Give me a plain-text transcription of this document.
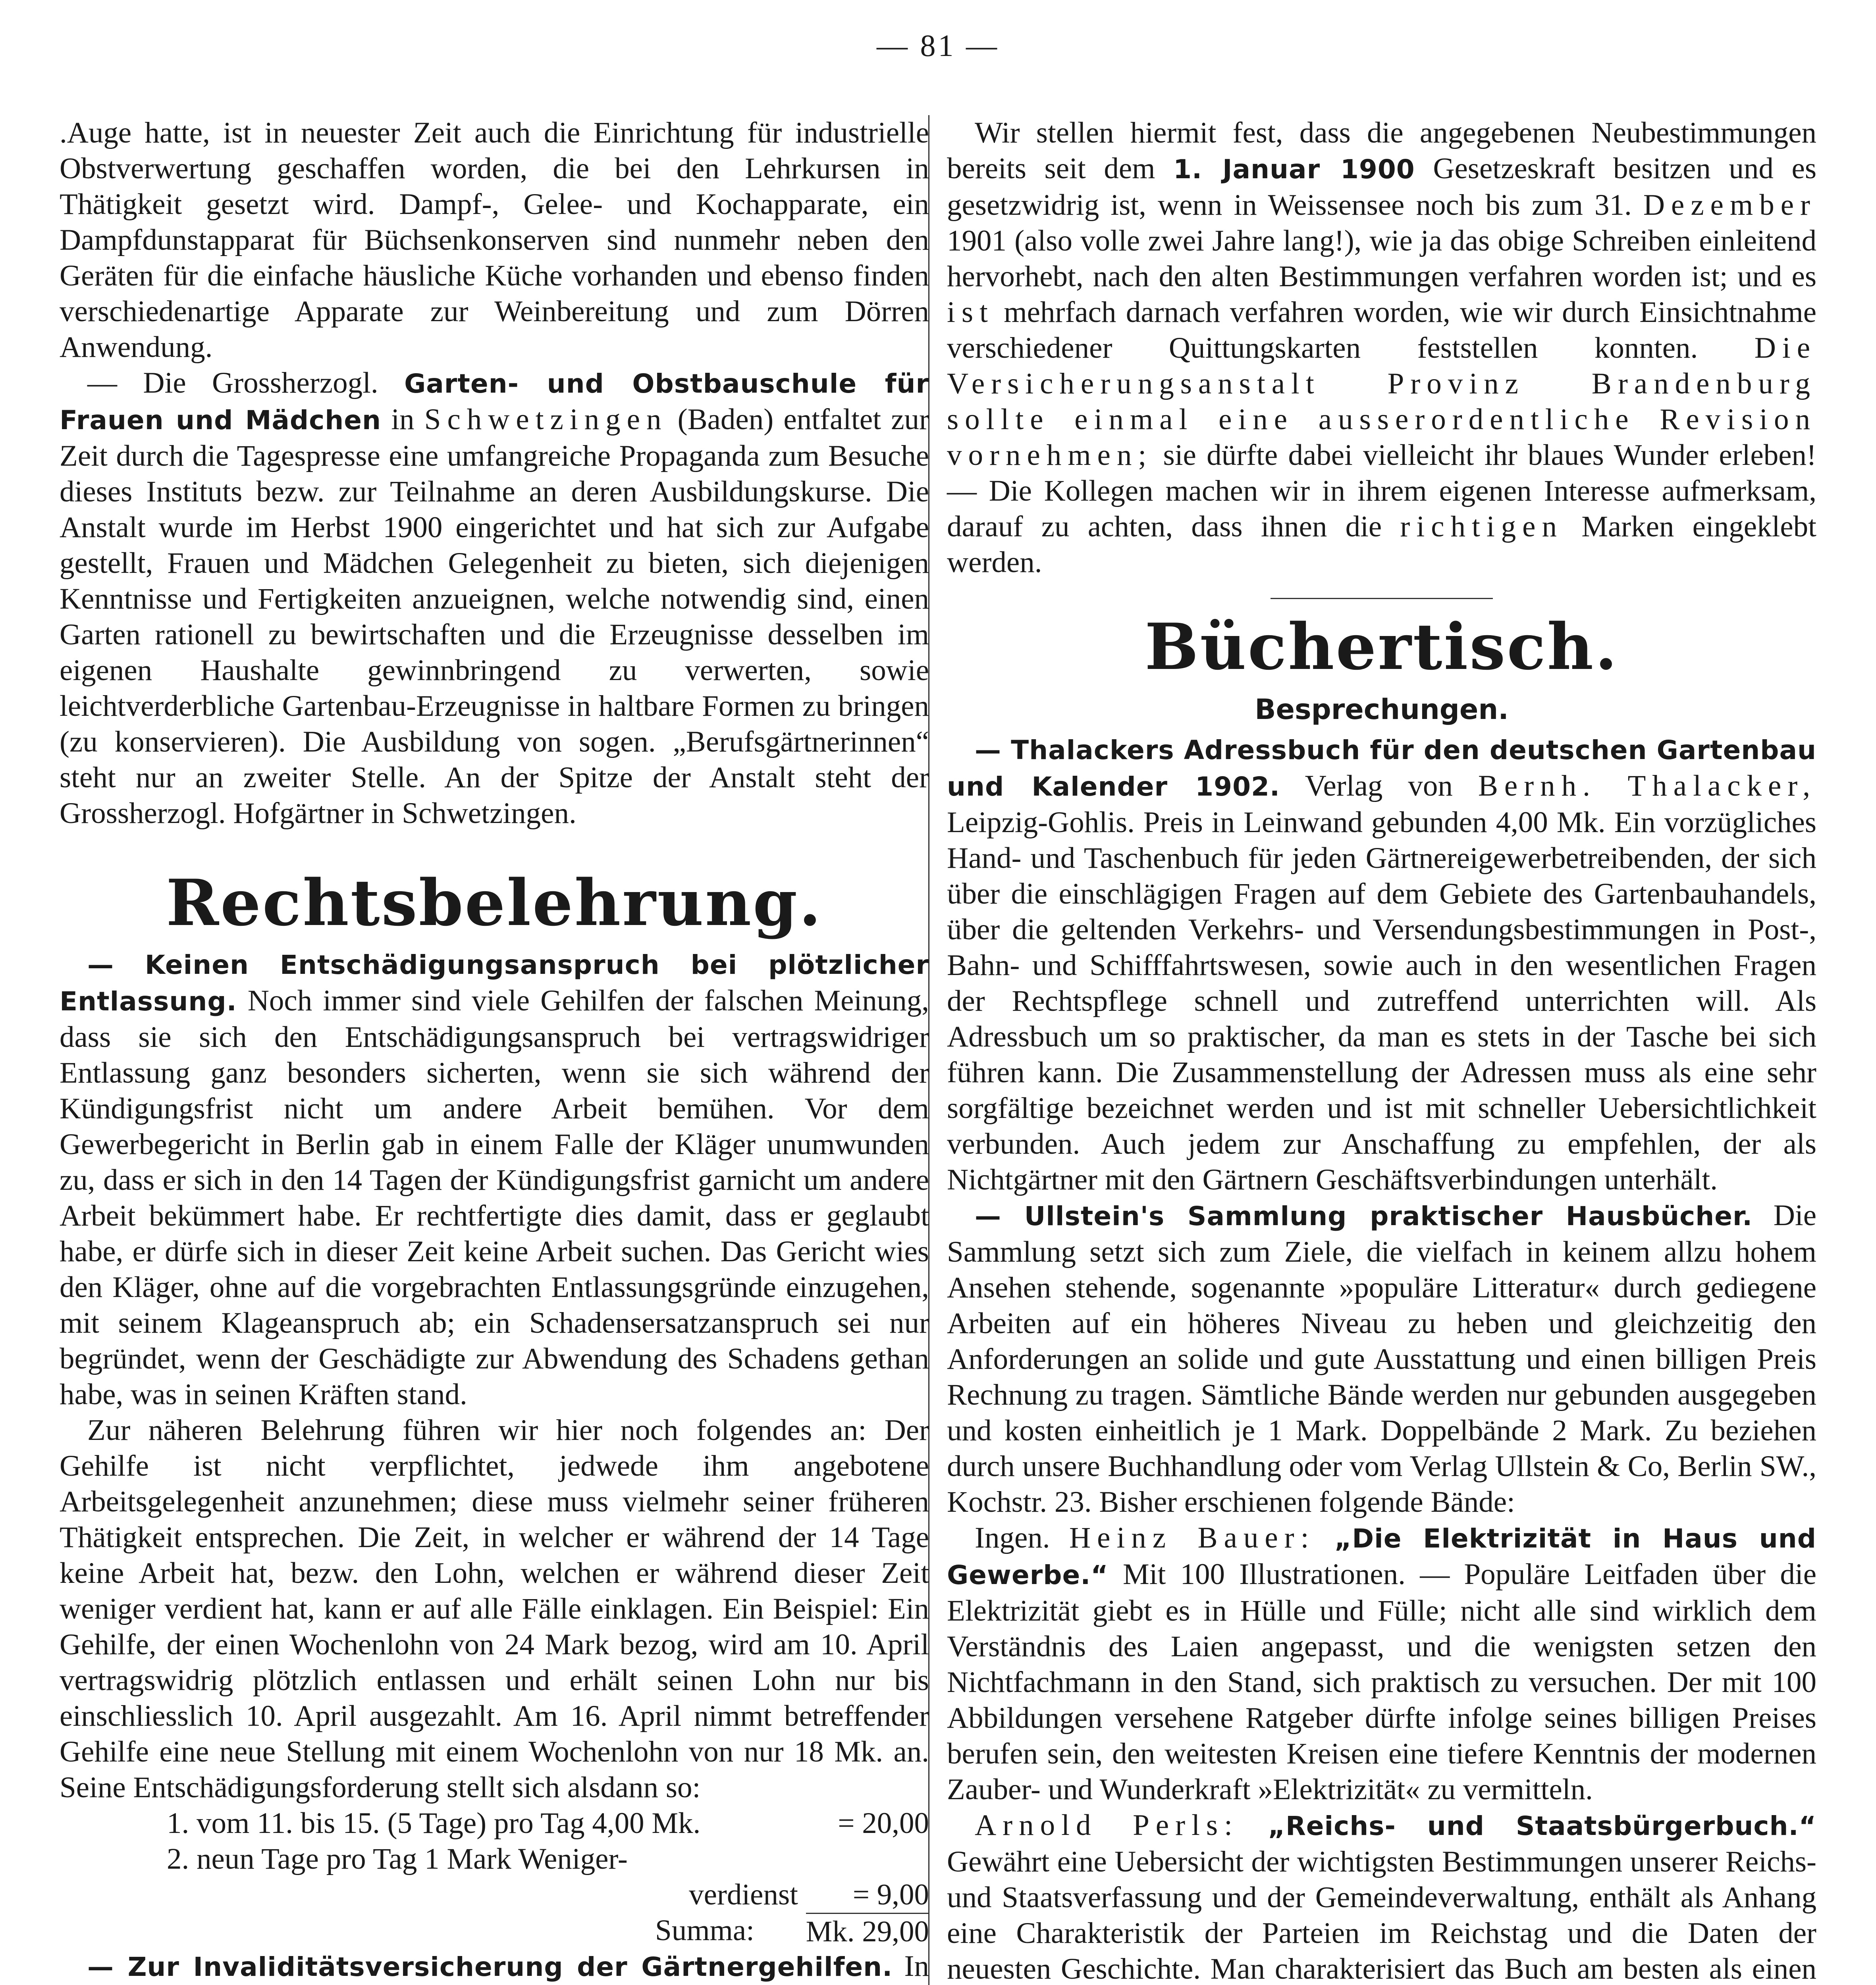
— 81 —

.Auge hatte, ist in neuester Zeit auch die Einrichtung für industrielle Obstverwertung geschaffen worden, die bei den Lehrkursen in Thätigkeit gesetzt wird. Dampf-, Gelee- und Kochapparate, ein Dampfdunstapparat für Büchsenkonserven sind nunmehr neben den Geräten für die einfache häusliche Küche vorhanden und ebenso finden verschiedenartige Apparate zur Weinbereitung und zum Dörren Anwendung.

— Die Grossherzogl. Garten- und Obstbauschule für Frauen und Mädchen in Schwetzingen (Baden) entfaltet zur Zeit durch die Tagespresse eine umfangreiche Propaganda zum Besuche dieses Instituts bezw. zur Teilnahme an deren Ausbildungskurse. Die Anstalt wurde im Herbst 1900 eingerichtet und hat sich zur Aufgabe gestellt, Frauen und Mädchen Gelegenheit zu bieten, sich diejenigen Kenntnisse und Fertigkeiten anzueignen, welche notwendig sind, einen Garten rationell zu bewirtschaften und die Erzeugnisse desselben im eigenen Haushalte gewinnbringend zu verwerten, sowie leichtverderbliche Gartenbau-Erzeugnisse in haltbare Formen zu bringen (zu konservieren). Die Ausbildung von sogen. „Berufsgärtnerinnen“ steht nur an zweiter Stelle. An der Spitze der Anstalt steht der Grossherzogl. Hofgärtner in Schwetzingen.

Rechtsbelehrung.

— Keinen Entschädigungsanspruch bei plötzlicher Entlassung. Noch immer sind viele Gehilfen der falschen Meinung, dass sie sich den Entschädigungsanspruch bei vertragswidriger Entlassung ganz besonders sicherten, wenn sie sich während der Kündigungsfrist nicht um andere Arbeit bemühen. Vor dem Gewerbegericht in Berlin gab in einem Falle der Kläger unumwunden zu, dass er sich in den 14 Tagen der Kündigungsfrist garnicht um andere Arbeit bekümmert habe. Er rechtfertigte dies damit, dass er geglaubt habe, er dürfe sich in dieser Zeit keine Arbeit suchen. Das Gericht wies den Kläger, ohne auf die vorgebrachten Entlassungsgründe einzugehen, mit seinem Klageanspruch ab; ein Schadensersatzanspruch sei nur begründet, wenn der Geschädigte zur Abwendung des Schadens gethan habe, was in seinen Kräften stand.

Zur näheren Belehrung führen wir hier noch folgendes an: Der Gehilfe ist nicht verpflichtet, jedwede ihm angebotene Arbeitsgelegenheit anzunehmen; diese muss vielmehr seiner früheren Thätigkeit entsprechen. Die Zeit, in welcher er während der 14 Tage keine Arbeit hat, bezw. den Lohn, welchen er während dieser Zeit weniger verdient hat, kann er auf alle Fälle einklagen. Ein Beispiel: Ein Gehilfe, der einen Wochenlohn von 24 Mark bezog, wird am 10. April vertragswidrig plötzlich entlassen und erhält seinen Lohn nur bis einschliesslich 10. April ausgezahlt. Am 16. April nimmt betreffender Gehilfe eine neue Stellung mit einem Wochenlohn von nur 18 Mk. an. Seine Entschädigungsforderung stellt sich alsdann so:

1. vom 11. bis 15. (5 Tage) pro Tag 4,00 Mk.	= 20,00
2. neun Tage pro Tag 1 Mark Weniger-
verdienst = 9,00
Summa: Mk. 29,00

— Zur Invaliditätsversicherung der Gärtnergehilfen. In

Wir stellen hiermit fest, dass die angegebenen Neubestimmungen bereits seit dem 1. Januar 1900 Gesetzeskraft besitzen und es gesetzwidrig ist, wenn in Weissensee noch bis zum 31. Dezember 1901 (also volle zwei Jahre lang!), wie ja das obige Schreiben einleitend hervorhebt, nach den alten Bestimmungen verfahren worden ist; und es ist mehrfach darnach verfahren worden, wie wir durch Einsichtnahme verschiedener Quittungskarten feststellen konnten. Die Versicherungsanstalt Provinz Brandenburg sollte einmal eine ausserordentliche Revision vornehmen; sie dürfte dabei vielleicht ihr blaues Wunder erleben! — Die Kollegen machen wir in ihrem eigenen Interesse aufmerksam, darauf zu achten, dass ihnen die richtigen Marken eingeklebt werden.

Büchertisch.
Besprechungen.

— Thalackers Adressbuch für den deutschen Gartenbau und Kalender 1902. Verlag von Bernh. Thalacker, Leipzig-Gohlis. Preis in Leinwand gebunden 4,00 Mk. Ein vorzügliches Hand- und Taschenbuch für jeden Gärtnereigewerbetreibenden, der sich über die einschlägigen Fragen auf dem Gebiete des Gartenbauhandels, über die geltenden Verkehrs- und Versendungsbestimmungen in Post-, Bahn- und Schifffahrtswesen, sowie auch in den wesentlichen Fragen der Rechtspflege schnell und zutreffend unterrichten will. Als Adressbuch um so praktischer, da man es stets in der Tasche bei sich führen kann. Die Zusammenstellung der Adressen muss als eine sehr sorgfältige bezeichnet werden und ist mit schneller Uebersichtlichkeit verbunden. Auch jedem zur Anschaffung zu empfehlen, der als Nichtgärtner mit den Gärtnern Geschäftsverbindungen unterhält.

— Ullstein's Sammlung praktischer Hausbücher. Die Sammlung setzt sich zum Ziele, die vielfach in keinem allzu hohem Ansehen stehende, sogenannte »populäre Litteratur« durch gediegene Arbeiten auf ein höheres Niveau zu heben und gleichzeitig den Anforderungen an solide und gute Ausstattung und einen billigen Preis Rechnung zu tragen. Sämtliche Bände werden nur gebunden ausgegeben und kosten einheitlich je 1 Mark. Doppelbände 2 Mark. Zu beziehen durch unsere Buchhandlung oder vom Verlag Ullstein & Co, Berlin SW., Kochstr. 23. Bisher erschienen folgende Bände:

Ingen. Heinz Bauer: „Die Elektrizität in Haus und Gewerbe.“ Mit 100 Illustrationen. — Populäre Leitfaden über die Elektrizität giebt es in Hülle und Fülle; nicht alle sind wirklich dem Verständnis des Laien angepasst, und die wenigsten setzen den Nichtfachmann in den Stand, sich praktisch zu versuchen. Der mit 100 Abbildungen versehene Ratgeber dürfte infolge seines billigen Preises berufen sein, den weitesten Kreisen eine tiefere Kenntnis der modernen Zauber- und Wunderkraft »Elektrizität« zu vermitteln.

Arnold Perls: „Reichs- und Staatsbürgerbuch.“ Gewährt eine Uebersicht der wichtigsten Bestimmungen unserer Reichs- und Staatsverfassung und der Gemeindeverwaltung, enthält als Anhang eine Charakteristik der Parteien im Reichstag und die Daten der neuesten Geschichte. Man charakterisiert das Buch am besten als einen
